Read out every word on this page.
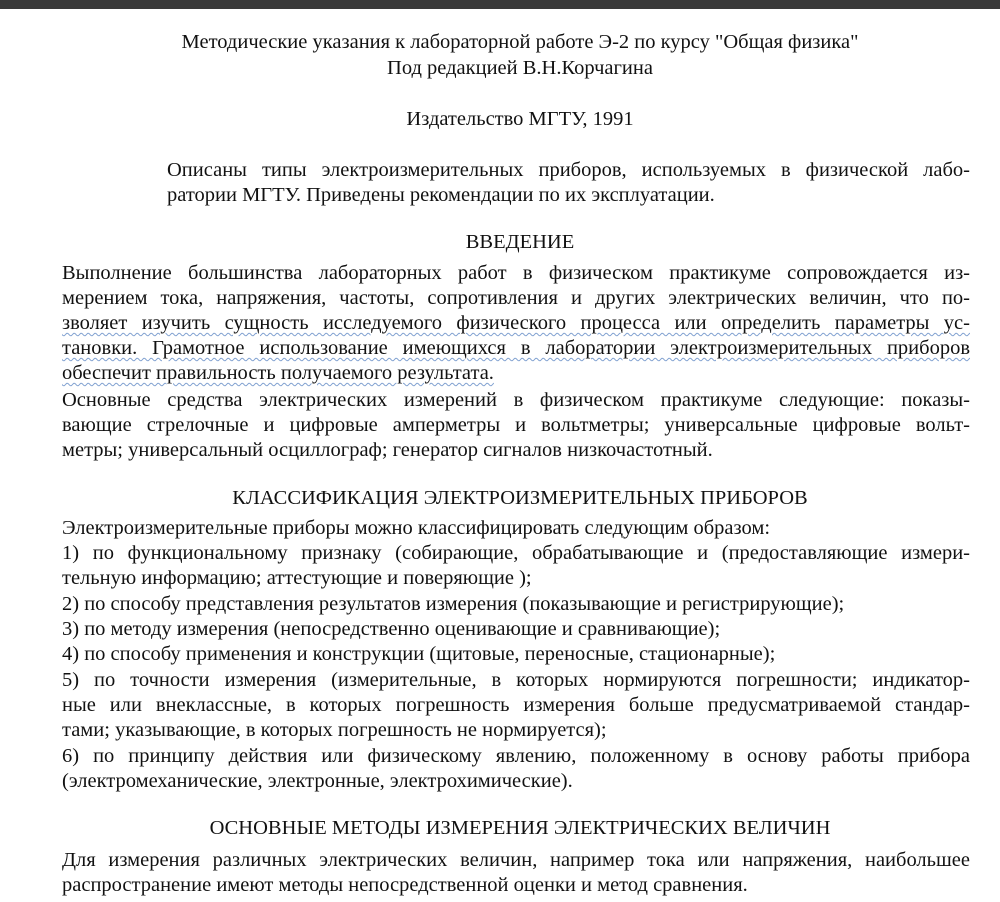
Методические указания к лабораторной работе Э-2 по курсу "Общая физика"
Под редакцией В.Н.Корчагина
Издательство МГТУ, 1991
Описаны типы электроизмерительных приборов, используемых в физической лабо-
ратории МГТУ. Приведены рекомендации по их эксплуатации.
ВВЕДЕНИЕ
Выполнение большинства лабораторных работ в физическом практикуме сопровождается из-
мерением тока, напряжения, частоты, сопротивления и других электрических величин, что по-
зволяет изучить сущность исследуемого физического процесса или определить параметры ус-
тановки. Грамотное использование имеющихся в лаборатории электроизмерительных приборов
обеспечит правильность получаемого результата.
Основные средства электрических измерений в физическом практикуме следующие: показы-
вающие стрелочные и цифровые амперметры и вольтметры; универсальные цифровые вольт-
метры; универсальный осциллограф; генератор сигналов низкочастотный.
КЛАССИФИКАЦИЯ ЭЛЕКТРОИЗМЕРИТЕЛЬНЫХ ПРИБОРОВ
Электроизмерительные приборы можно классифицировать следующим образом:
1) по функциональному признаку (собирающие, обрабатывающие и (предоставляющие измери-
тельную информацию; аттестующие и поверяющие );
2) по способу представления результатов измерения (показывающие и регистрирующие);
3) по методу измерения (непосредственно оценивающие и сравнивающие);
4) по способу применения и конструкции (щитовые, переносные, стационарные);
5) по точности измерения (измерительные, в которых нормируются погрешности; индикатор-
ные или внеклассные, в которых погрешность измерения больше предусматриваемой стандар-
тами; указывающие, в которых погрешность не нормируется);
6) по принципу действия или физическому явлению, положенному в основу работы прибора
(электромеханические, электронные, электрохимические).
ОСНОВНЫЕ МЕТОДЫ ИЗМЕРЕНИЯ ЭЛЕКТРИЧЕСКИХ ВЕЛИЧИН
Для измерения различных электрических величин, например тока или напряжения, наибольшее
распространение имеют методы непосредственной оценки и метод сравнения.
